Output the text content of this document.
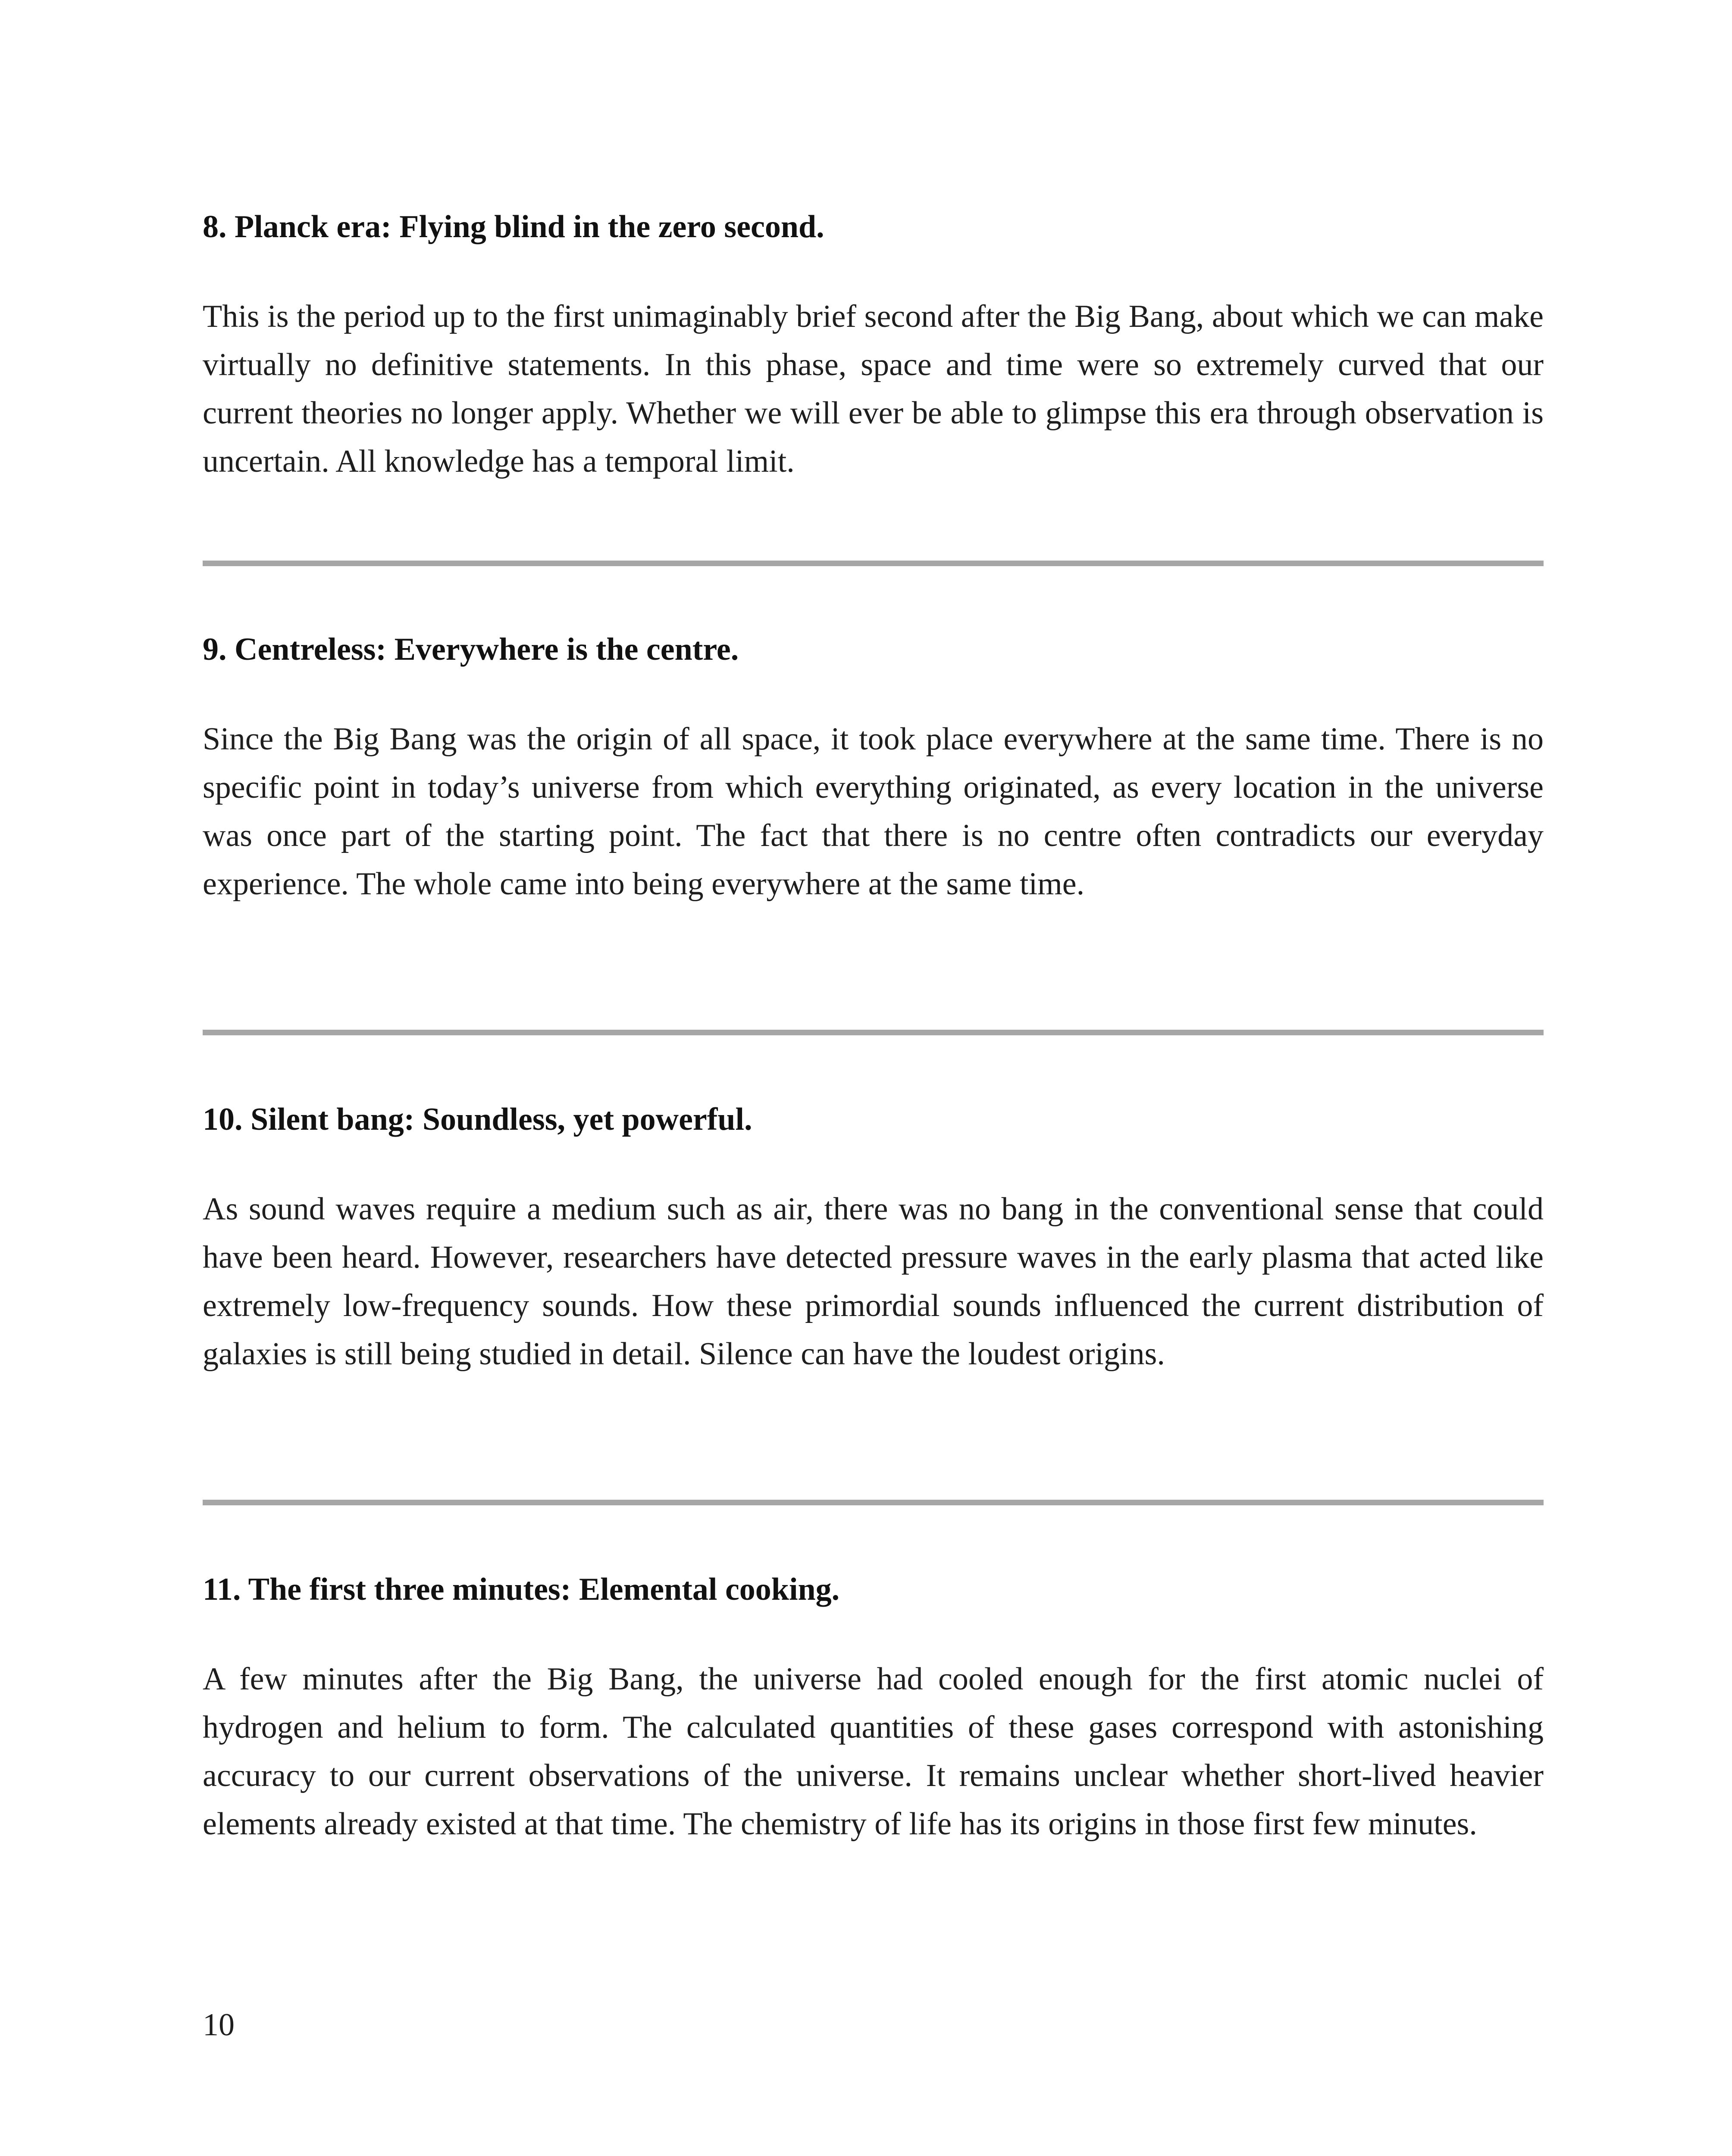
8. Planck era: Flying blind in the zero second.

This is the period up to the first unimaginably brief second after the Big Bang, about which we can make virtually no definitive statements. In this phase, space and time were so extremely curved that our current theories no longer apply. Whether we will ever be able to glimpse this era through observation is uncertain. All knowledge has a temporal limit.

9. Centreless: Everywhere is the centre.

Since the Big Bang was the origin of all space, it took place everywhere at the same time. There is no specific point in today’s universe from which everything originated, as every location in the universe was once part of the starting point. The fact that there is no centre often contradicts our everyday experience. The whole came into being everywhere at the same time.

10. Silent bang: Soundless, yet powerful.

As sound waves require a medium such as air, there was no bang in the conventional sense that could have been heard. However, researchers have detected pressure waves in the early plasma that acted like extremely low-frequency sounds. How these primordial sounds influenced the current distribution of galaxies is still being studied in detail. Silence can have the loudest origins.

11. The first three minutes: Elemental cooking.

A few minutes after the Big Bang, the universe had cooled enough for the first atomic nuclei of hydrogen and helium to form. The calculated quantities of these gases correspond with astonishing accuracy to our current observations of the universe. It remains unclear whether short-lived heavier elements already existed at that time. The chemistry of life has its origins in those first few minutes.

10
